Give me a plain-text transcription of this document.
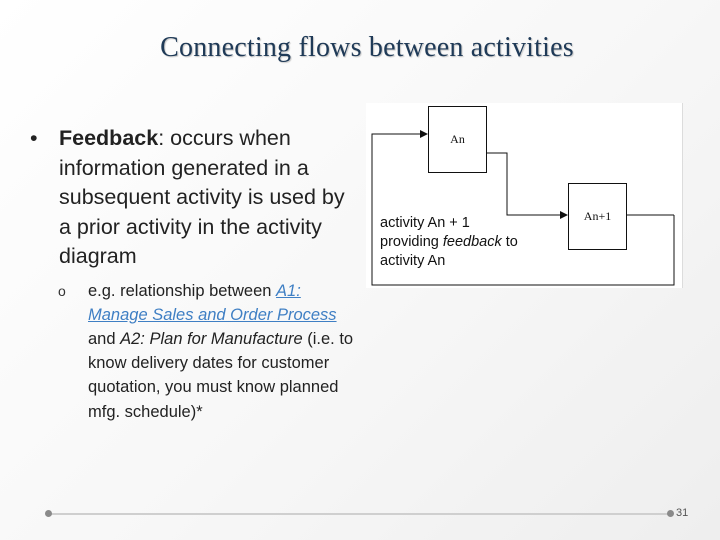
Connecting flows between activities
• Feedback: occurs when information generated in a subsequent activity is used by a prior activity in the activity diagram
o	e.g. relationship between A1: Manage Sales and Order Process and A2: Plan for Manufacture (i.e. to know delivery dates for customer quotation, you must know planned mfg. schedule)*
An
An+1
activity An + 1
providing feedback to
activity An
31
